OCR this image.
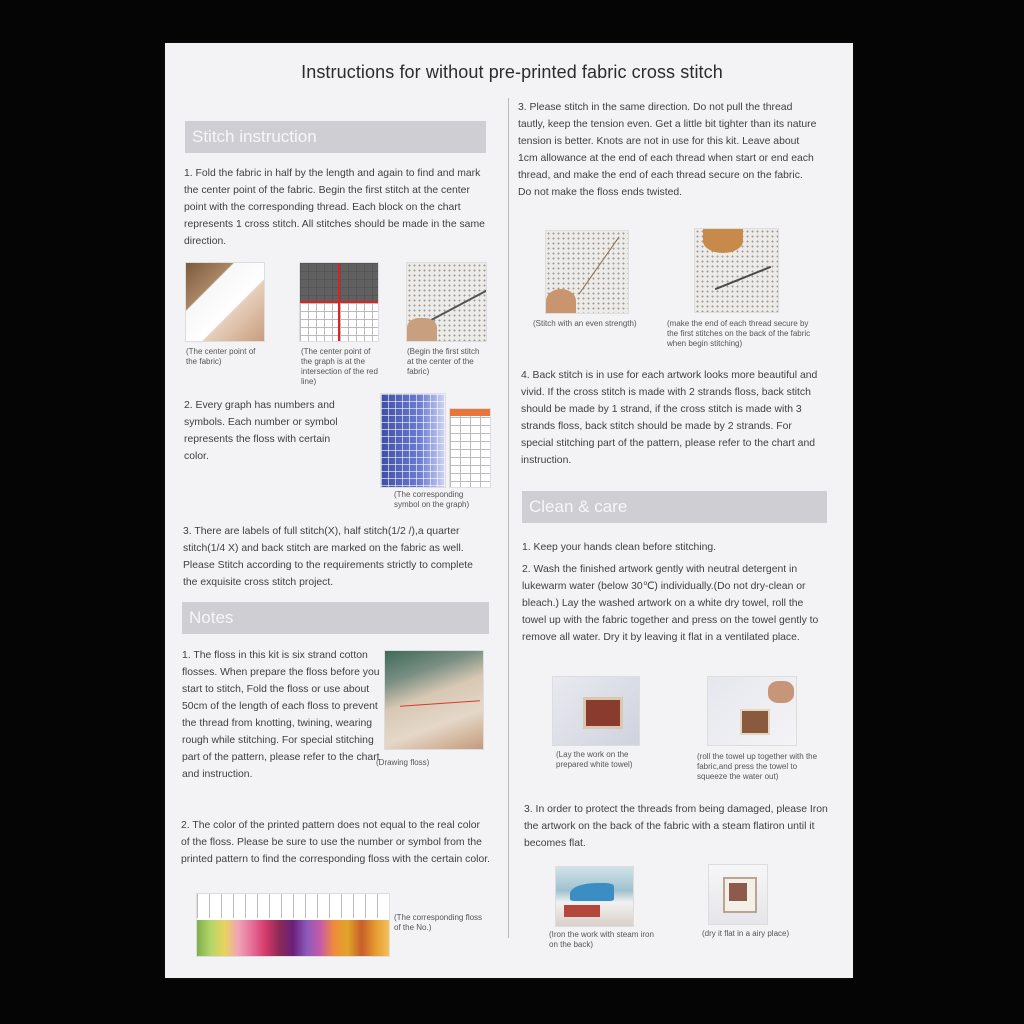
Instructions for without pre-printed fabric cross stitch
Stitch instruction

1. Fold the fabric in half by the length and again to find and mark the center point of the fabric. Begin the first stitch at the center point with the corresponding thread. Each block on the chart represents 1 cross stitch. All stitches should be made in the same direction.

(The center point of the fabric)

(The center point of the graph is at the intersection of the red line)

(Begin the first stitch at the center of the fabric)

2. Every graph has numbers and symbols. Each number or symbol represents the floss with certain color.

(The corresponding symbol on the graph)

3. There are labels of full stitch(X), half stitch(1/2 /),a quarter stitch(1/4 X) and back stitch are marked on the fabric as well. Please Stitch according to the requirements strictly to complete the exquisite cross stitch project.

Notes

1. The floss in this kit is six strand cotton flosses. When prepare the floss before you start to stitch, Fold the floss or use about 50cm of the length of each floss to prevent the thread from knotting, twining, wearing rough while stitching. For special stitching part of the pattern, please refer to the chart and instruction.

(Drawing floss)

2. The color of the printed pattern does not equal to the real color of the floss. Please be sure to use the number or symbol from the printed pattern to find the corresponding floss with the certain color.

(The corresponding floss of the No.)

3. Please stitch in the same direction. Do not pull the thread tautly, keep the tension even. Get a little bit tighter than its nature tension is better. Knots are not in use for this kit. Leave about 1cm allowance at the end of each thread when start or end each thread, and make the end of each thread secure on the fabric. Do not make the floss ends twisted.

(Stitch with an even strength)	(make the end of each thread secure by the first stitches on the back of the fabric when begin stitching)

4. Back stitch is in use for each artwork looks more beautiful and vivid. If the cross stitch is made with 2 strands floss, back stitch should be made by 1 strand, if the cross stitch is made with 3 strands floss, back stitch should be made by 2 strands. For special stitching part of the pattern, please refer to the chart and instruction.

Clean & care

1. Keep your hands clean before stitching.

2. Wash the finished artwork gently with neutral detergent in lukewarm water (below 30℃) individually.(Do not dry-clean or bleach.) Lay the washed artwork on a white dry towel, roll the towel up with the fabric together and press on the towel gently to remove all water. Dry it by leaving it flat in a ventilated place.

(Lay the work on the prepared white towel)

(roll the towel up together with the fabric,and press the towel to squeeze the water out)

3. In order to protect the threads from being damaged, please Iron the artwork on the back of the fabric with a steam flatiron until it becomes flat.

(Iron the work with steam iron on the back)

(dry it flat in a airy place)
